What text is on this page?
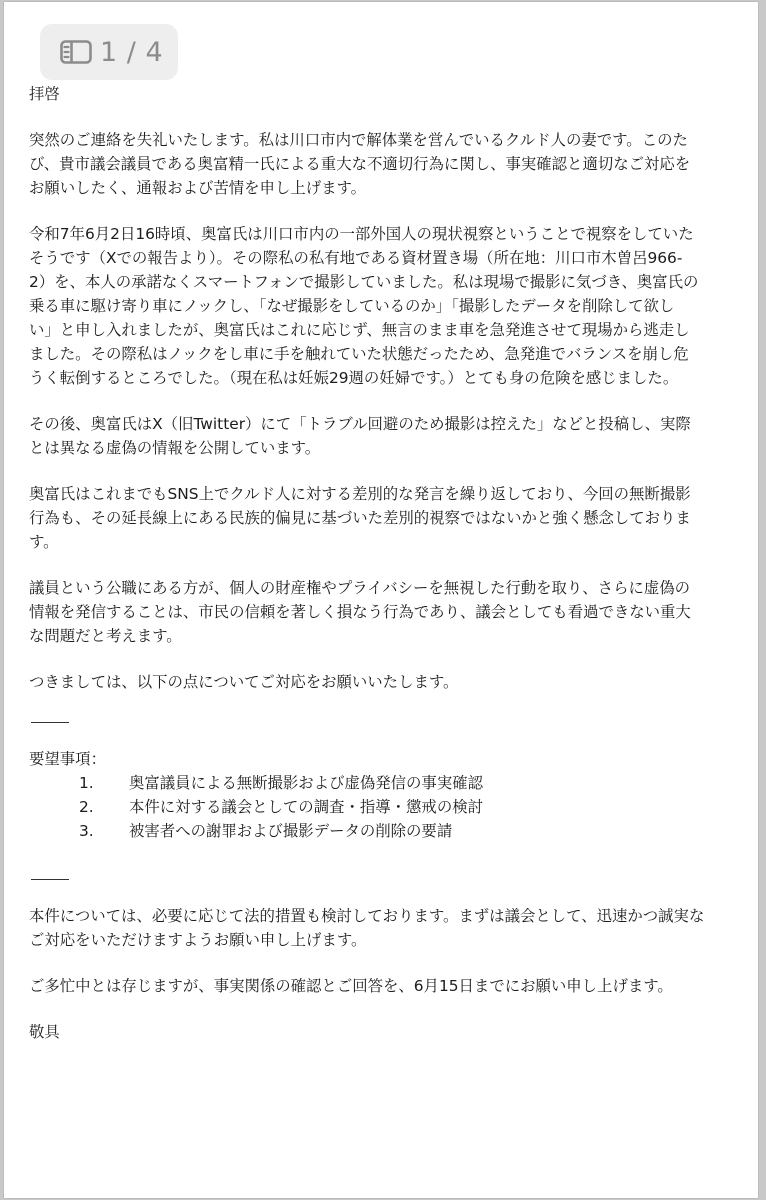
1 / 4

拝啓

突然のご連絡を失礼いたします。私は川口市内で解体業を営んでいるクルド人の妻です。このた

び、貴市議会議員である奥富精一氏による重大な不適切行為に関し、事実確認と適切なご対応を

お願いしたく、通報および苦情を申し上げます。

令和7年6月2日16時頃、奥富氏は川口市内の一部外国人の現状視察ということで視察をしていた

そうです（Xでの報告より）。その際私の私有地である資材置き場（所在地：川口市木曽呂966-

2）を、本人の承諾なくスマートフォンで撮影していました。私は現場で撮影に気づき、奥富氏の

乗る車に駆け寄り車にノックし、「なぜ撮影をしているのか」「撮影したデータを削除して欲し

い」と申し入れましたが、奥富氏はこれに応じず、無言のまま車を急発進させて現場から逃走し

ました。その際私はノックをし車に手を触れていた状態だったため、急発進でバランスを崩し危

うく転倒するところでした。（現在私は妊娠29週の妊婦です。）とても身の危険を感じました。

その後、奥富氏はX（旧Twitter）にて「トラブル回避のため撮影は控えた」などと投稿し、実際

とは異なる虚偽の情報を公開しています。

奥富氏はこれまでもSNS上でクルド人に対する差別的な発言を繰り返しており、今回の無断撮影

行為も、その延長線上にある民族的偏見に基づいた差別的視察ではないかと強く懸念しておりま

す。

議員という公職にある方が、個人の財産権やプライバシーを無視した行動を取り、さらに虚偽の

情報を発信することは、市民の信頼を著しく損なう行為であり、議会としても看過できない重大

な問題だと考えます。

つきましては、以下の点についてご対応をお願いいたします。

要望事項：

1.	奥富議員による無断撮影および虚偽発信の事実確認
2.	本件に対する議会としての調査・指導・懲戒の検討
3.	被害者への謝罪および撮影データの削除の要請

本件については、必要に応じて法的措置も検討しております。まずは議会として、迅速かつ誠実な

ご対応をいただけますようお願い申し上げます。

ご多忙中とは存じますが、事実関係の確認とご回答を、6月15日までにお願い申し上げます。

敬具
